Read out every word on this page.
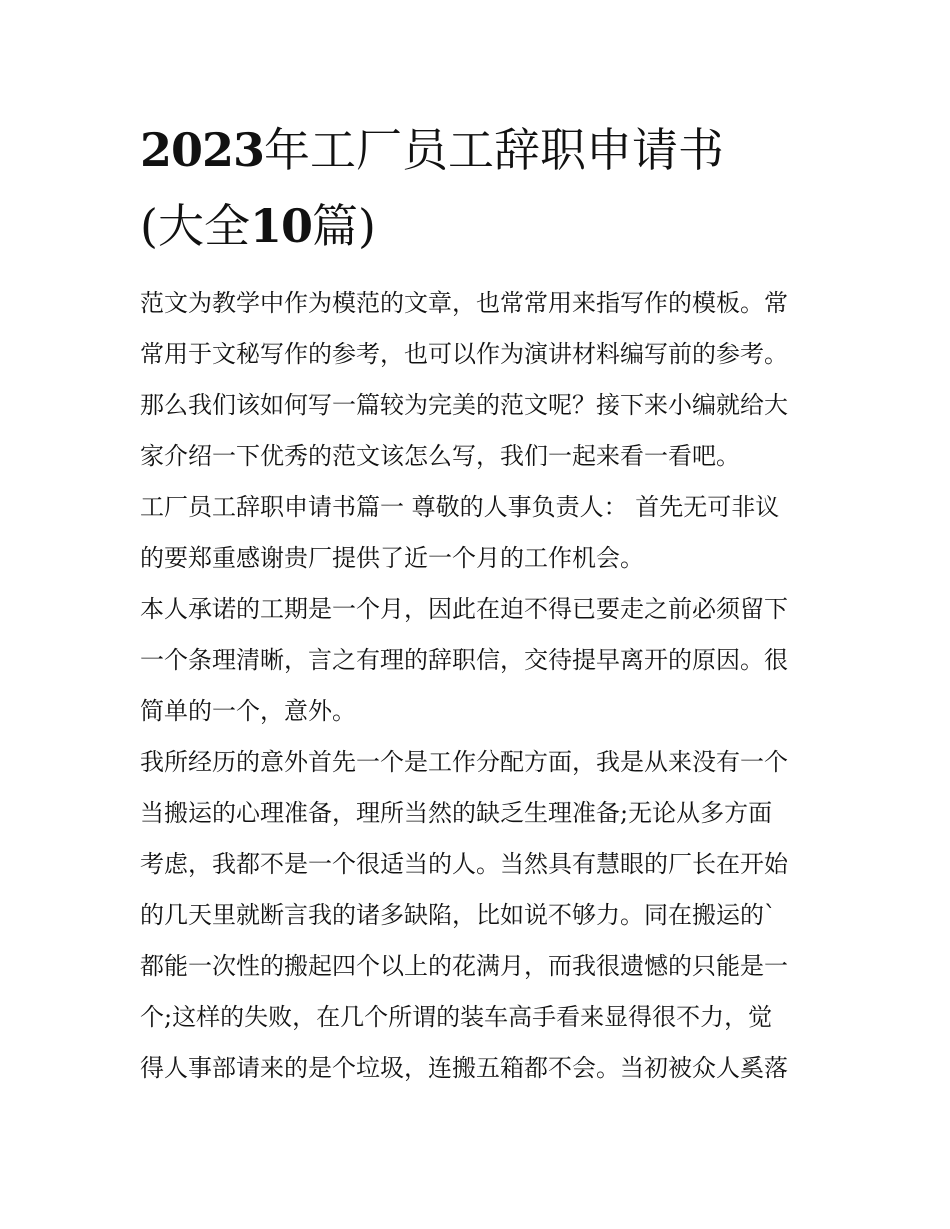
2023年工厂员工辞职申请书
(大全10篇)
范文为教学中作为模范的文章，也常常用来指写作的模板。常
常用于文秘写作的参考，也可以作为演讲材料编写前的参考。
那么我们该如何写一篇较为完美的范文呢？接下来小编就给大
家介绍一下优秀的范文该怎么写，我们一起来看一看吧。
工厂员工辞职申请书篇一 尊敬的人事负责人： 首先无可非议
的要郑重感谢贵厂提供了近一个月的工作机会。
本人承诺的工期是一个月，因此在迫不得已要走之前必须留下
一个条理清晰，言之有理的辞职信，交待提早离开的原因。很
简单的一个，意外。
我所经历的意外首先一个是工作分配方面，我是从来没有一个
当搬运的心理准备，理所当然的缺乏生理准备;无论从多方面
考虑，我都不是一个很适当的人。当然具有慧眼的厂长在开始
的几天里就断言我的诸多缺陷，比如说不够力。同在搬运的`
都能一次性的搬起四个以上的花满月，而我很遗憾的只能是一
个;这样的失败，在几个所谓的装车高手看来显得很不力，觉
得人事部请来的是个垃圾，连搬五箱都不会。当初被众人奚落
